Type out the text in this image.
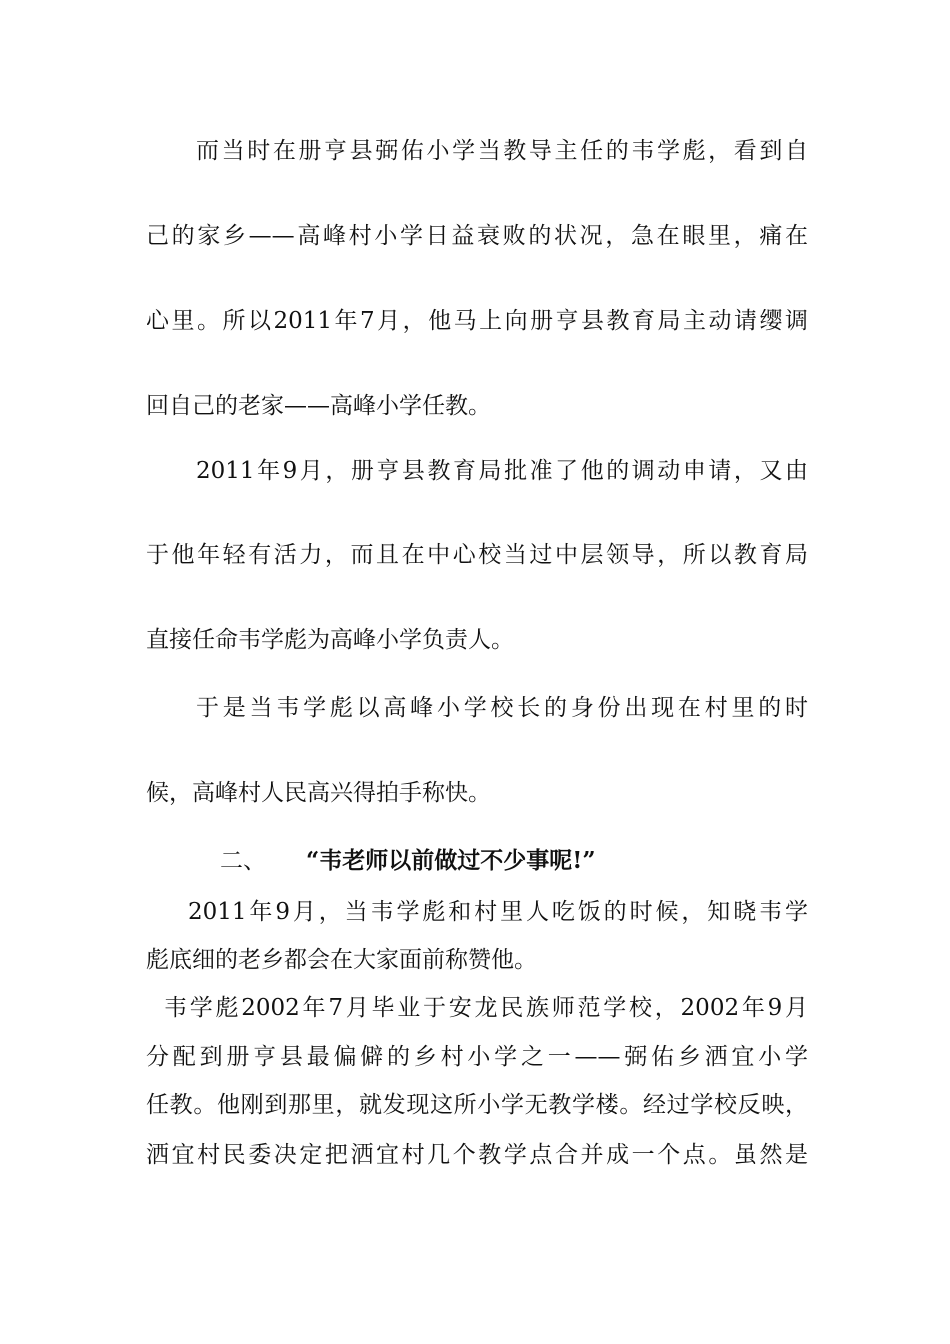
而当时在册亨县弼佑小学当教导主任的韦学彪，看到自
己的家乡——高峰村小学日益衰败的状况，急在眼里，痛在
心里。所以2011年7月，他马上向册亨县教育局主动请缨调
回自己的老家——高峰小学任教。
2011年9月，册亨县教育局批准了他的调动申请，又由
于他年轻有活力，而且在中心校当过中层领导，所以教育局
直接任命韦学彪为高峰小学负责人。
于是当韦学彪以高峰小学校长的身份出现在村里的时
候，高峰村人民高兴得拍手称快。
二、 “韦老师以前做过不少事呢!”
2011年9月，当韦学彪和村里人吃饭的时候，知晓韦学
彪底细的老乡都会在大家面前称赞他。
韦学彪2002年7月毕业于安龙民族师范学校，2002年9月
分配到册亨县最偏僻的乡村小学之一——弼佑乡洒宜小学
任教。他刚到那里，就发现这所小学无教学楼。经过学校反映，
洒宜村民委决定把洒宜村几个教学点合并成一个点。虽然是
